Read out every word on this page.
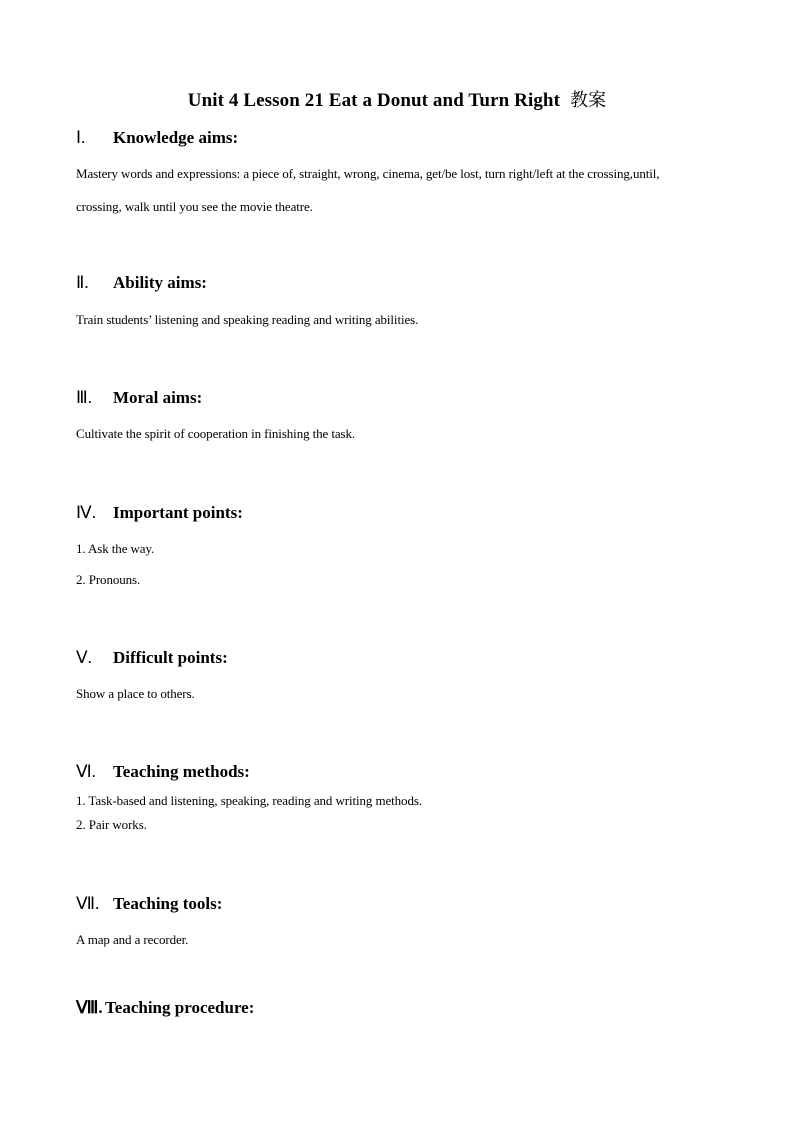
Unit 4 Lesson 21 Eat a Donut and Turn Right 教案
Ⅰ.	Knowledge aims:
Mastery words and expressions: a piece of, straight, wrong, cinema, get/be lost, turn right/left at the crossing,until,
crossing, walk until you see the movie theatre.
Ⅱ.	Ability aims:
Train students’ listening and speaking reading and writing abilities.
Ⅲ.	Moral aims:
Cultivate the spirit of cooperation in finishing the task.
Ⅳ.	Important points:
1. Ask the way.
2. Pronouns.
Ⅴ.	Difficult points:
Show a place to others.
Ⅵ.	Teaching methods:
1. Task-based and listening, speaking, reading and writing methods.
2. Pair works.
Ⅶ. Teaching tools:
A map and a recorder.
Ⅷ. Teaching procedure:
